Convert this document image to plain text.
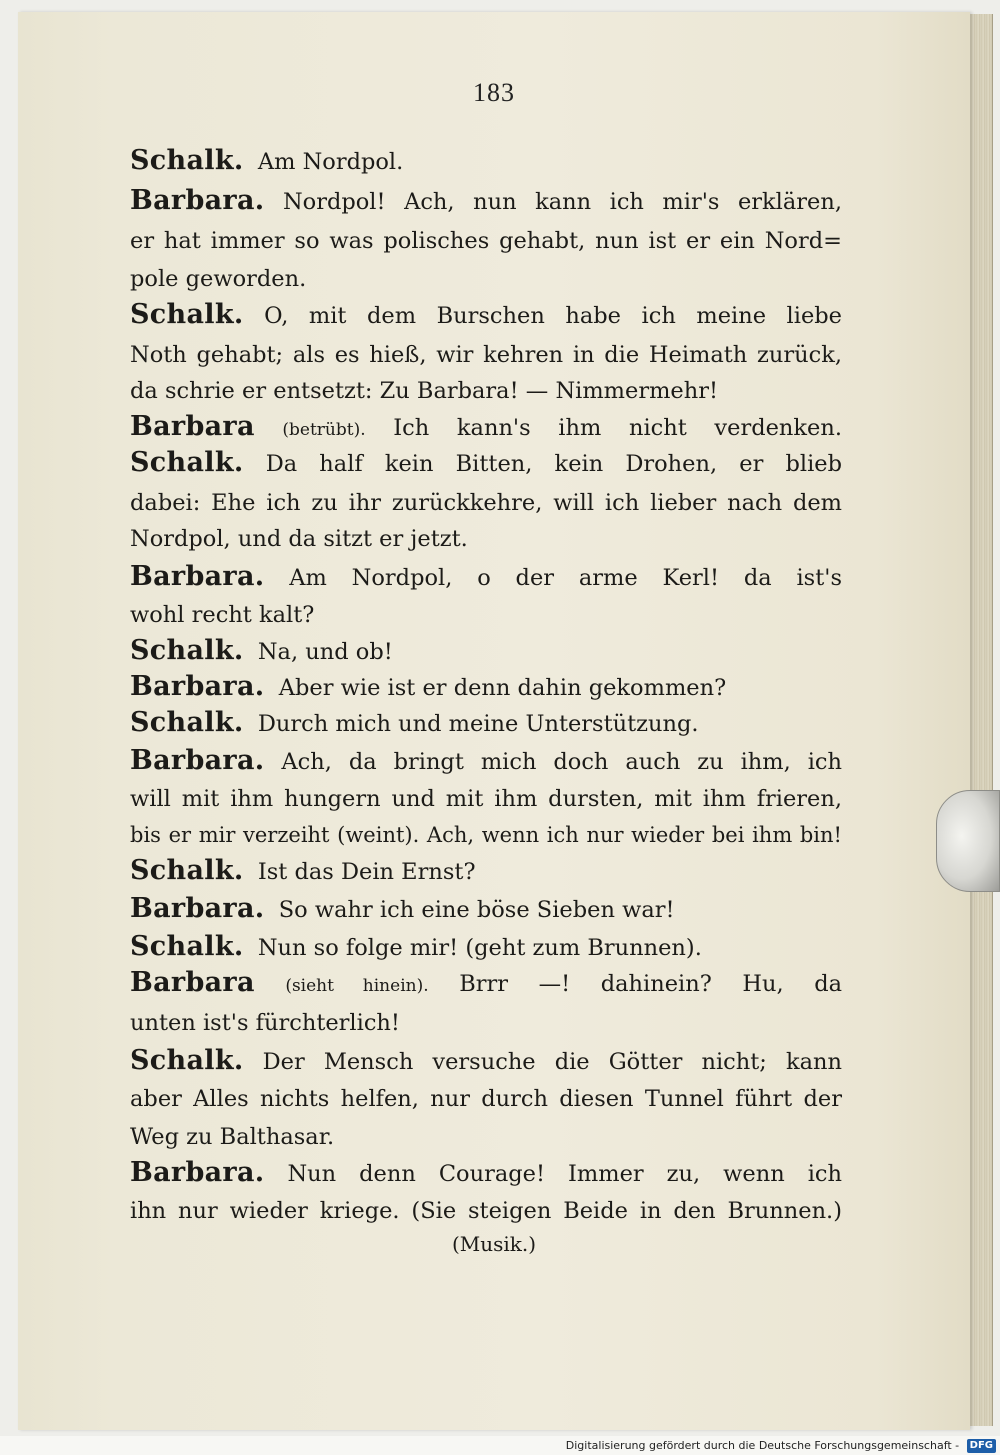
183
Schalk. Am Nordpol.
Barbara. Nordpol! Ach, nun kann ich mir's erklären,
er hat immer so was polisches gehabt, nun ist er ein Nord=
pole geworden.
Schalk. O, mit dem Burschen habe ich meine liebe
Noth gehabt; als es hieß, wir kehren in die Heimath zurück,
da schrie er entsetzt: Zu Barbara! — Nimmermehr!
Barbara (betrübt). Ich kann's ihm nicht verdenken.
Schalk. Da half kein Bitten, kein Drohen, er blieb
dabei: Ehe ich zu ihr zurückkehre, will ich lieber nach dem
Nordpol, und da sitzt er jetzt.
Barbara. Am Nordpol, o der arme Kerl! da ist's
wohl recht kalt?
Schalk. Na, und ob!
Barbara. Aber wie ist er denn dahin gekommen?
Schalk. Durch mich und meine Unterstützung.
Barbara. Ach, da bringt mich doch auch zu ihm, ich
will mit ihm hungern und mit ihm dursten, mit ihm frieren,
bis er mir verzeiht (weint). Ach, wenn ich nur wieder bei ihm bin!
Schalk. Ist das Dein Ernst?
Barbara. So wahr ich eine böse Sieben war!
Schalk. Nun so folge mir! (geht zum Brunnen).
Barbara (sieht hinein). Brrr —! dahinein? Hu, da
unten ist's fürchterlich!
Schalk. Der Mensch versuche die Götter nicht; kann
aber Alles nichts helfen, nur durch diesen Tunnel führt der
Weg zu Balthasar.
Barbara. Nun denn Courage! Immer zu, wenn ich
ihn nur wieder kriege. (Sie steigen Beide in den Brunnen.)
(Musik.)
Digitalisierung gefördert durch die Deutsche Forschungsgemeinschaft - DFG
